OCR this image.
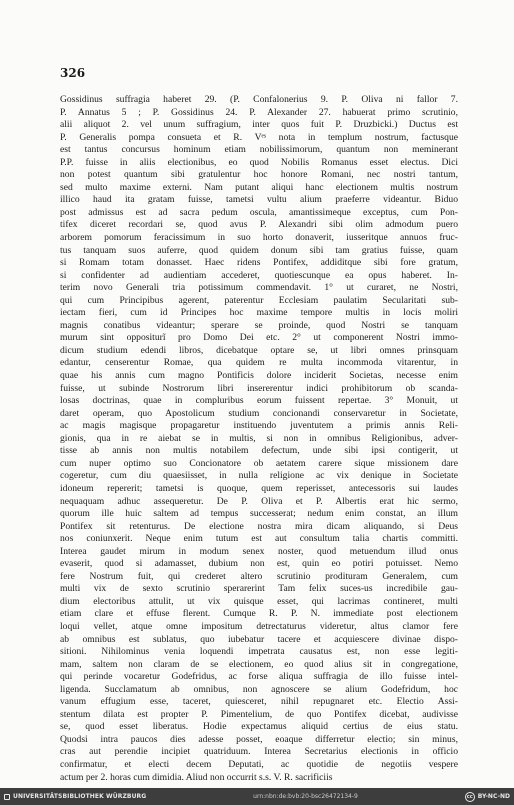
326
Gossidinus suffragia haberet 29. (P. Confalonerius 9. P. Oliva ni fallor 7.
P. Annatus 5 ; P. Gossidinus 24. P. Alexander 27. habuerat primo scrutinio,
alii aliquot 2. vel unum suffragium, inter quos fuit P. Druzbicki.) Ductus est
P. Generalis pompa consueta et R. Vᵉˢ nota in templum nostrum, factusque
est tantus concursus hominum etiam nobilissimorum, quantum non meminerant
P.P. fuisse in aliis electionibus, eo quod Nobilis Romanus esset electus. Dici
non potest quantum sibi gratulentur hoc honore Romani, nec nostri tantum,
sed multo maxime externi. Nam putant aliqui hanc electionem multis nostrum
illico haud ita gratam fuisse, tametsi vultu alium praeferre videantur. Biduo
post admissus est ad sacra pedum oscula, amantissimeque exceptus, cum Pon-
tifex diceret recordari se, quod avus P. Alexandri sibi olim admodum puero
arborem pomorum feracissimum in suo horto donaverit, iusseritque annuos fruc-
tus tanquam suos auferre, quod quidem donum sibi tam gratius fuisse, quam
si Romam totam donasset. Haec ridens Pontifex, addiditque sibi fore gratum,
si confidenter ad audientiam accederet, quotiescunque ea opus haberet. In-
terim novo Generali tria potissimum commendavit. 1° ut curaret, ne Nostri,
qui cum Principibus agerent, paterentur Ecclesiam paulatim Secularitati sub-
iectam fieri, cum id Principes hoc maxime tempore multis in locis moliri
magnis conatibus videantur; sperare se proinde, quod Nostri se tanquam
murum sint oppositurĩ pro Domo Dei etc. 2° ut componerent Nostri immo-
dicum studium edendi libros, dicebatque optare se, ut libri omnes prinsquam
edantur, censerentur Romae, qua quidem re multa incommoda vitarentur, in
quae his annis cum magno Pontificis dolore inciderit Societas, necesse enim
fuisse, ut subinde Nostrorum libri insererentur indici prohibitorum ob scanda-
losas doctrinas, quae in compluribus eorum fuissent repertae. 3° Monuit, ut
daret operam, quo Apostolicum studium concionandi conservaretur in Societate,
ac magis magisque propagaretur instituendo juventutem a primis annis Reli-
gionis, qua in re aiebat se in multis, si non in omnibus Religionibus, adver-
tisse ab annis non multis notabilem defectum, unde sibi ipsi contigerit, ut
cum nuper optimo suo Concionatore ob aetatem carere sique missionem dare
cogeretur, cum diu quaesiisset, in nulla religione ac vix denique in Societate
idoneum repererit; tametsi is quoque, quem reperisset, antecessoris sui laudes
nequaquam adhuc assequeretur. De P. Oliva et P. Albertis erat hic sermo,
quorum ille huic saltem ad tempus successerat; nedum enim constat, an illum
Pontifex sit retenturus. De electione nostra mira dicam aliquando, si Deus
nos coniunxerit. Neque enim tutum est aut consultum talia chartis committi.
Interea gaudet mirum in modum senex noster, quod metuendum illud onus
evaserit, quod si adamasset, dubium non est, quin eo potiri potuisset. Nemo
fere Nostrum fuit, qui crederet altero scrutinio prodituram Generalem, cum
multi vix de sexto scrutinio sperarerint Tam felix suces-us incredibile gau-
dium electoribus attulit, ut vix quisque esset, qui lacrimas contineret, multi
etiam clare et effuse flerent. Cumque R. P. N. immediate post electionem
loqui vellet, atque omne impositum detrectaturus videretur, altus clamor fere
ab omnibus est sublatus, quo iubebatur tacere et acquiescere divinae dispo-
sitioni. Nihilominus venia loquendi impetrata causatus est, non esse legiti-
mam, saltem non claram de se electionem, eo quod alius sit in congregatione,
qui perinde vocaretur Godefridus, ac forse aliqua suffragia de illo fuisse intel-
ligenda. Succlamatum ab omnibus, non agnoscere se alium Godefridum, hoc
vanum effugium esse, taceret, quiesceret, nihil repugnaret etc. Electio Assi-
stentum dilata est propter P. Pimentelium, de quo Pontifex dicebat, audivisse
se, quod esset liberatus. Hodie expectamus aliquid certius de eius statu.
Quodsi intra paucos dies adesse posset, eoaque differretur electio; sin minus,
cras aut perendie incipiet quatriduum. Interea Secretarius electionis in officio
confirmatur, et electi decem Deputati, ac quotidie de negotiis vespere
actum per 2. horas cum dimidia. Aliud non occurrit s.s. V. R. sacrificiis
UNIVERSITÄTSBIBLIOTHEK WÜRZBURG	urn:nbn:de:bvb:20-bsc26472134-9	cc BY-NC-ND
